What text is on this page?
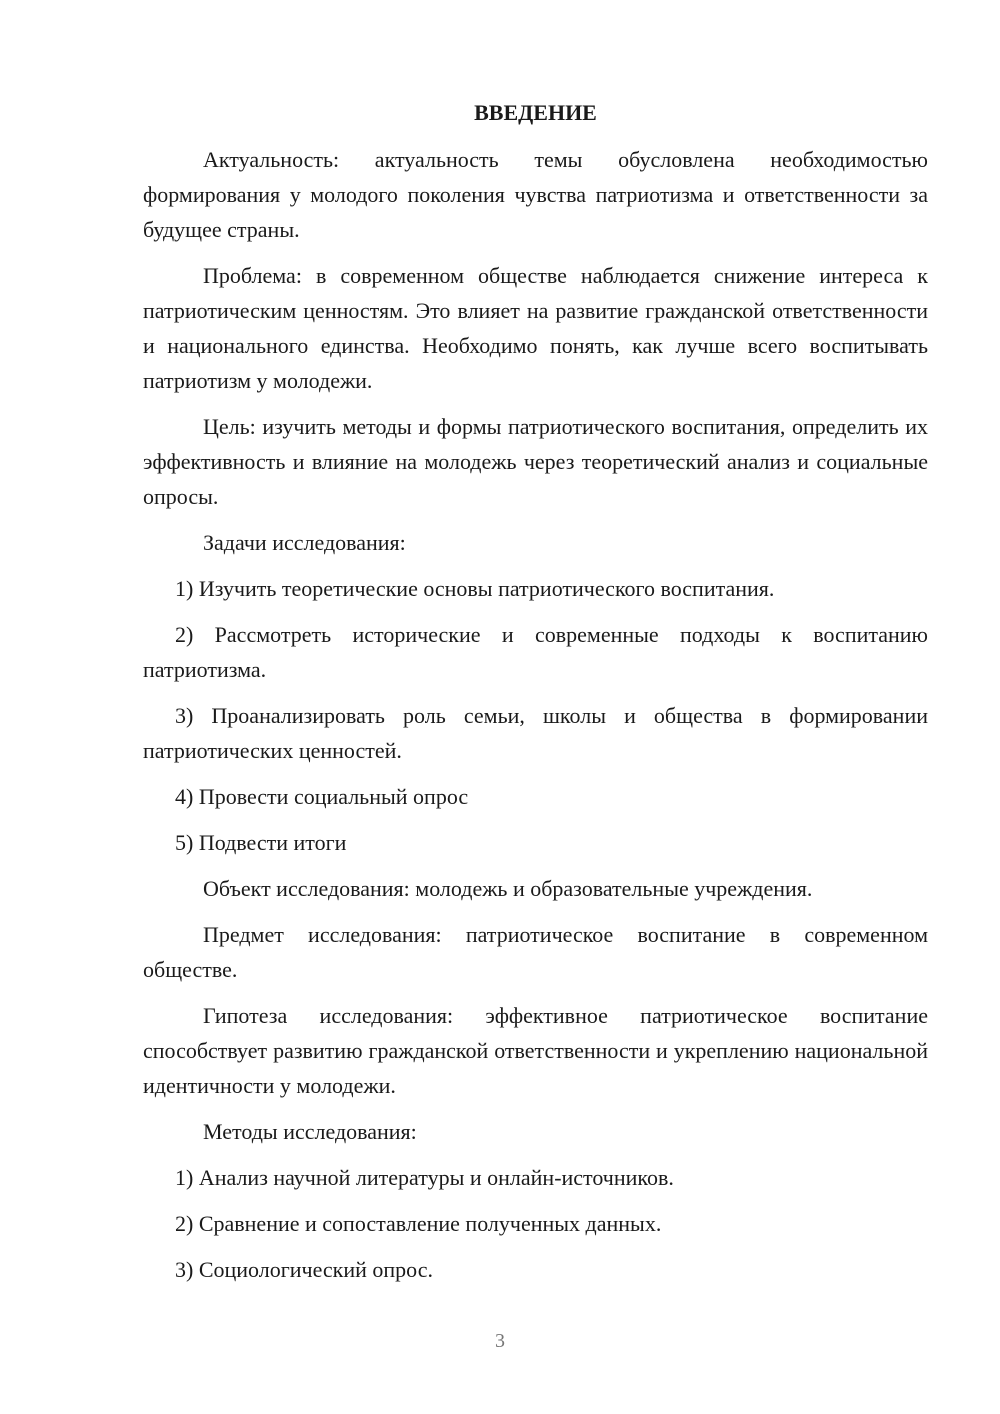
ВВЕДЕНИЕ

Актуальность: актуальность темы обусловлена необходимостью формирования у молодого поколения чувства патриотизма и ответственности за будущее страны.

Проблема: в современном обществе наблюдается снижение интереса к патриотическим ценностям. Это влияет на развитие гражданской ответственности и национального единства. Необходимо понять, как лучше всего воспитывать патриотизм у молодежи.

Цель: изучить методы и формы патриотического воспитания, определить их эффективность и влияние на молодежь через теоретический анализ и социальные опросы.

Задачи исследования:

1) Изучить теоретические основы патриотического воспитания.

2) Рассмотреть исторические и современные подходы к воспитанию патриотизма.

3) Проанализировать роль семьи, школы и общества в формировании патриотических ценностей.

4) Провести социальный опрос

5) Подвести итоги

Объект исследования: молодежь и образовательные учреждения.

Предмет исследования: патриотическое воспитание в современном обществе.

Гипотеза исследования: эффективное патриотическое воспитание способствует развитию гражданской ответственности и укреплению национальной идентичности у молодежи.

Методы исследования:

1) Анализ научной литературы и онлайн-источников.

2) Сравнение и сопоставление полученных данных.

3) Социологический опрос.

3
